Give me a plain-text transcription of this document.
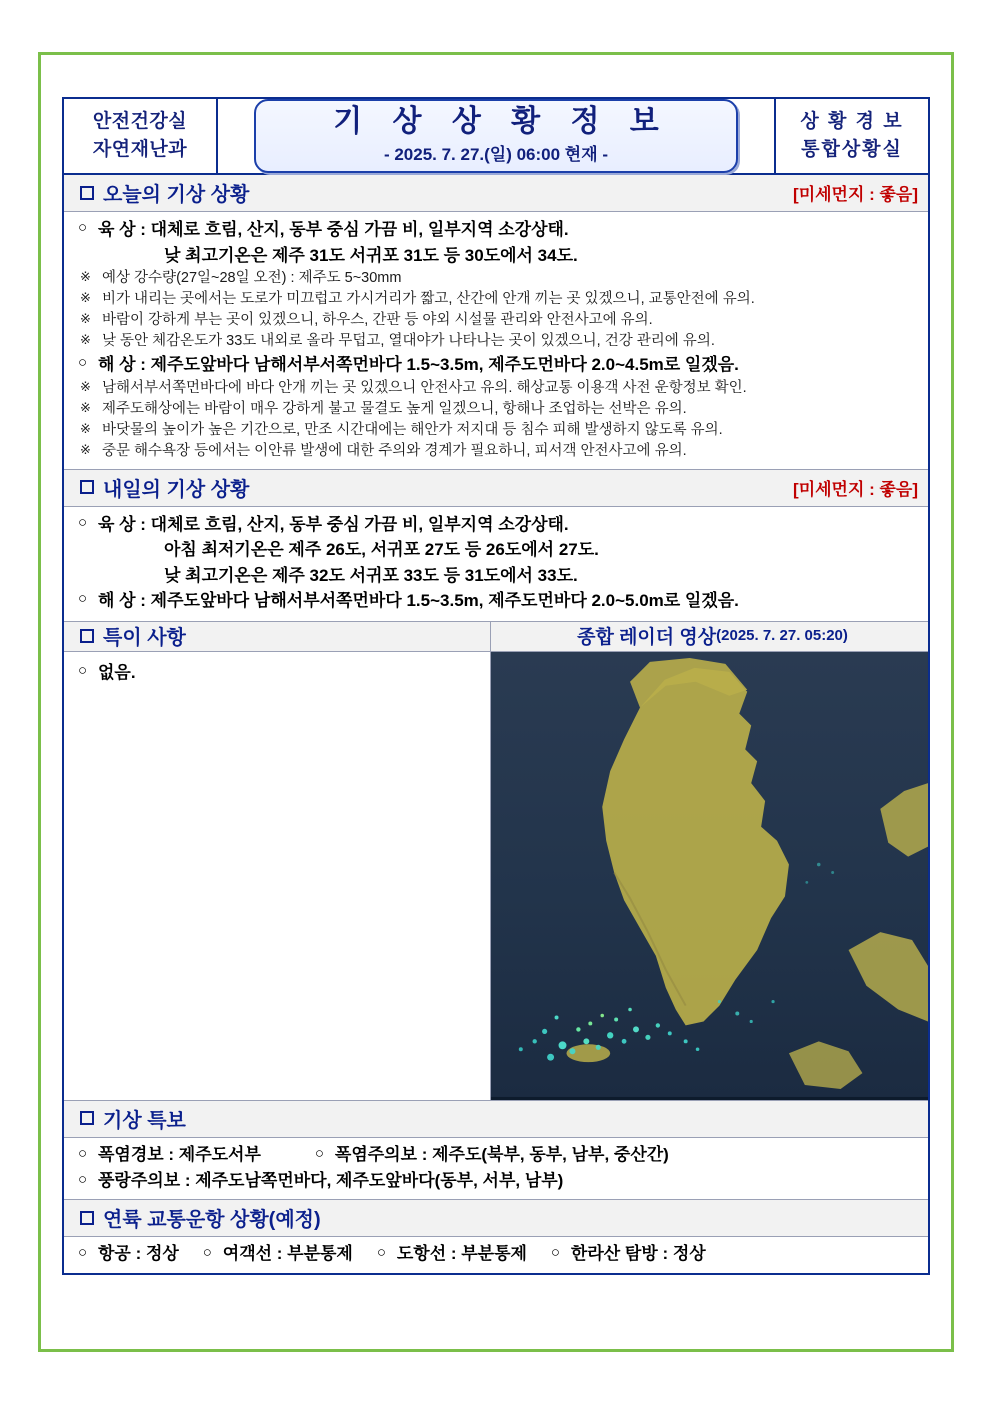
안전건강실
자연재난과
기 상 상 황 정 보
- 2025. 7. 27.(일) 06:00 현재 -
상 황 경 보
통합상황실
오늘의 기상 상황	[미세먼지 : 좋음]
○ 육 상 : 대체로 흐림, 산지, 동부 중심 가끔 비, 일부지역 소강상태.
낮 최고기온은 제주 31도 서귀포 31도 등 30도에서 34도.
※ 예상 강수량(27일~28일 오전) : 제주도 5~30mm
※ 비가 내리는 곳에서는 도로가 미끄럽고 가시거리가 짧고, 산간에 안개 끼는 곳 있겠으니, 교통안전에 유의.
※ 바람이 강하게 부는 곳이 있겠으니, 하우스, 간판 등 야외 시설물 관리와 안전사고에 유의.
※ 낮 동안 체감온도가 33도 내외로 올라 무덥고, 열대야가 나타나는 곳이 있겠으니, 건강 관리에 유의.
○ 해 상 : 제주도앞바다 남해서부서쪽먼바다 1.5~3.5m, 제주도먼바다 2.0~4.5m로 일겠음.
※ 남해서부서쪽먼바다에 바다 안개 끼는 곳 있겠으니 안전사고 유의. 해상교통 이용객 사전 운항정보 확인.
※ 제주도해상에는 바람이 매우 강하게 불고 물결도 높게 일겠으니, 항해나 조업하는 선박은 유의.
※ 바닷물의 높이가 높은 기간으로, 만조 시간대에는 해안가 저지대 등 침수 피해 발생하지 않도록 유의.
※ 중문 해수욕장 등에서는 이안류 발생에 대한 주의와 경계가 필요하니, 피서객 안전사고에 유의.
내일의 기상 상황	[미세먼지 : 좋음]
○ 육 상 : 대체로 흐림, 산지, 동부 중심 가끔 비, 일부지역 소강상태.
아침 최저기온은 제주 26도, 서귀포 27도 등 26도에서 27도.
낮 최고기온은 제주 32도 서귀포 33도 등 31도에서 33도.
○ 해 상 : 제주도앞바다 남해서부서쪽먼바다 1.5~3.5m, 제주도먼바다 2.0~5.0m로 일겠음.
특이 사항
○ 없음.
종합 레이더 영상 (2025. 7. 27. 05:20)
기상 특보
○ 폭염경보 : 제주도서부	○ 폭염주의보 : 제주도(북부, 동부, 남부, 중산간)
○ 풍랑주의보 : 제주도남쪽먼바다, 제주도앞바다(동부, 서부, 남부)
연륙 교통운항 상황(예정)
○ 항공 : 정상 ○ 여객선 : 부분통제 ○ 도항선 : 부분통제 ○ 한라산 탐방 : 정상
